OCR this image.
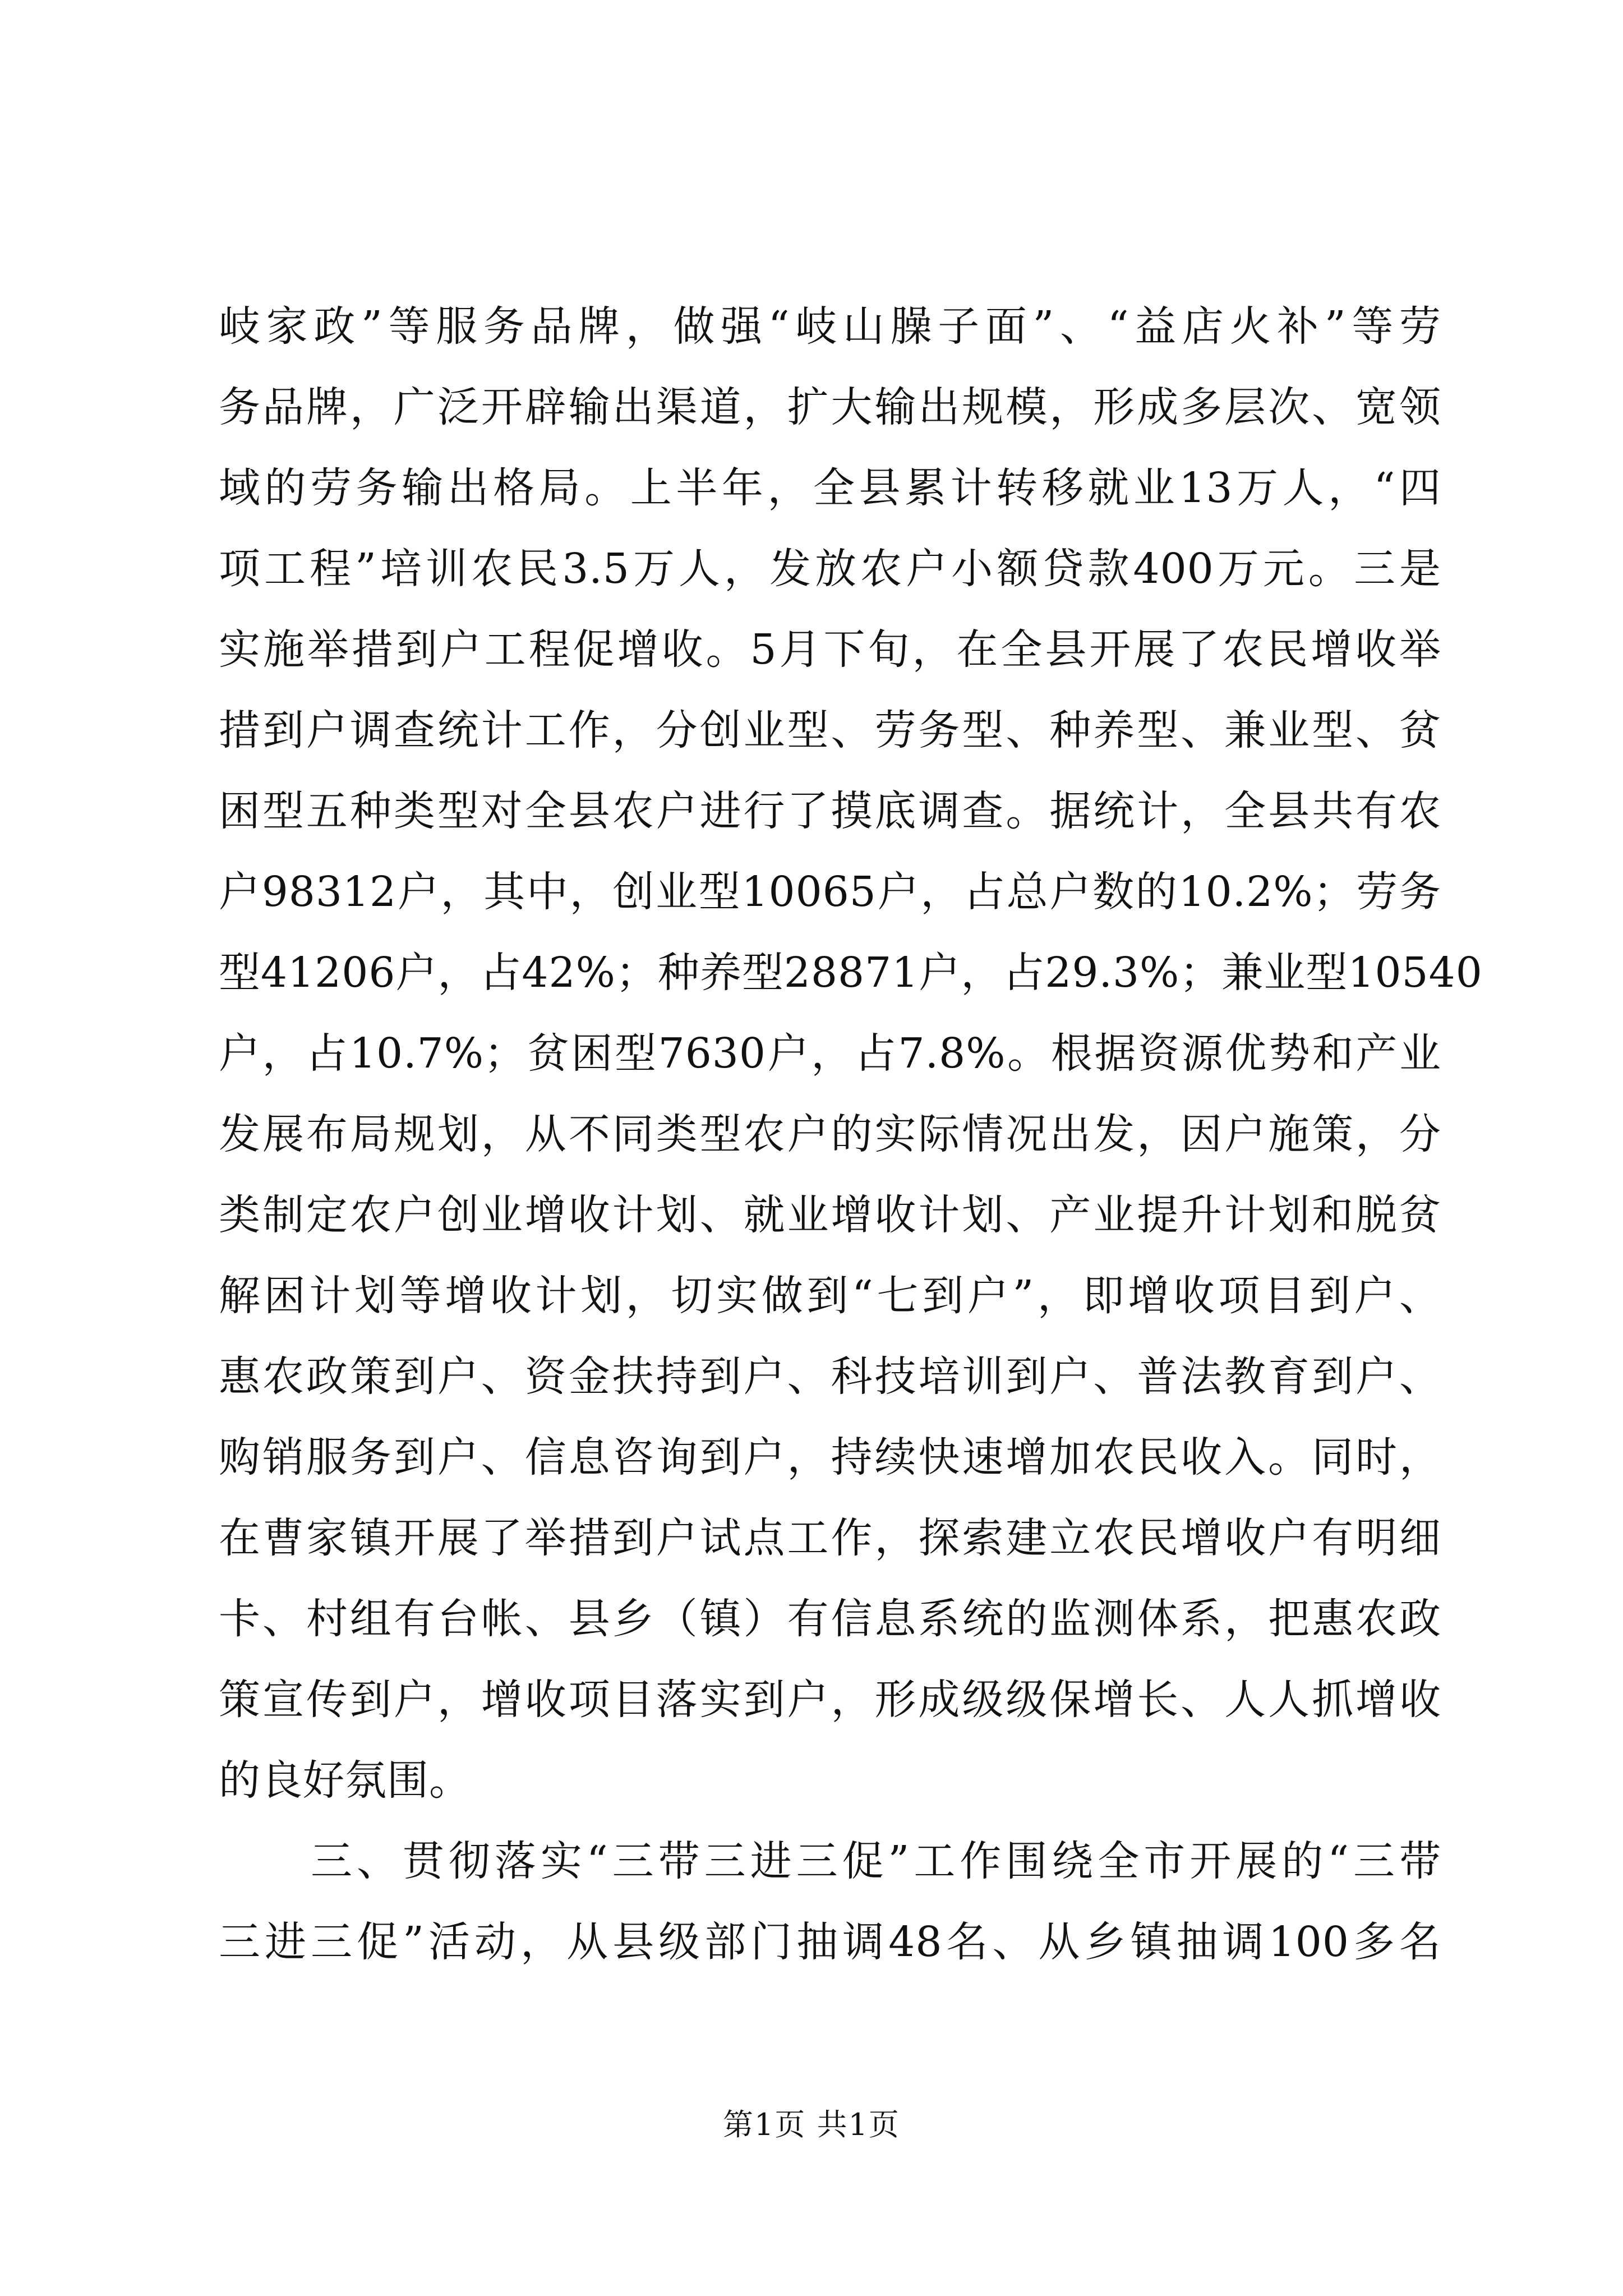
岐家政”等服务品牌，做强“岐山臊子面”、“益店火补”等劳
务品牌，广泛开辟输出渠道，扩大输出规模，形成多层次、宽领
域的劳务输出格局。上半年，全县累计转移就业13万人，“四
项工程”培训农民3.5万人，发放农户小额贷款400万元。三是
实施举措到户工程促增收。5月下旬，在全县开展了农民增收举
措到户调查统计工作，分创业型、劳务型、种养型、兼业型、贫
困型五种类型对全县农户进行了摸底调查。据统计，全县共有农
户98312户，其中，创业型10065户，占总户数的10.2%；劳务
型41206户，占42%；种养型28871户，占29.3%；兼业型10540
户，占10.7%；贫困型7630户，占7.8%。根据资源优势和产业
发展布局规划，从不同类型农户的实际情况出发，因户施策，分
类制定农户创业增收计划、就业增收计划、产业提升计划和脱贫
解困计划等增收计划，切实做到“七到户”，即增收项目到户、
惠农政策到户、资金扶持到户、科技培训到户、普法教育到户、
购销服务到户、信息咨询到户，持续快速增加农民收入。同时，
在曹家镇开展了举措到户试点工作，探索建立农民增收户有明细
卡、村组有台帐、县乡（镇）有信息系统的监测体系，把惠农政
策宣传到户，增收项目落实到户，形成级级保增长、人人抓增收
的良好氛围。
　　三、贯彻落实“三带三进三促”工作围绕全市开展的“三带
三进三促”活动，从县级部门抽调48名、从乡镇抽调100多名
第1页 共1页
